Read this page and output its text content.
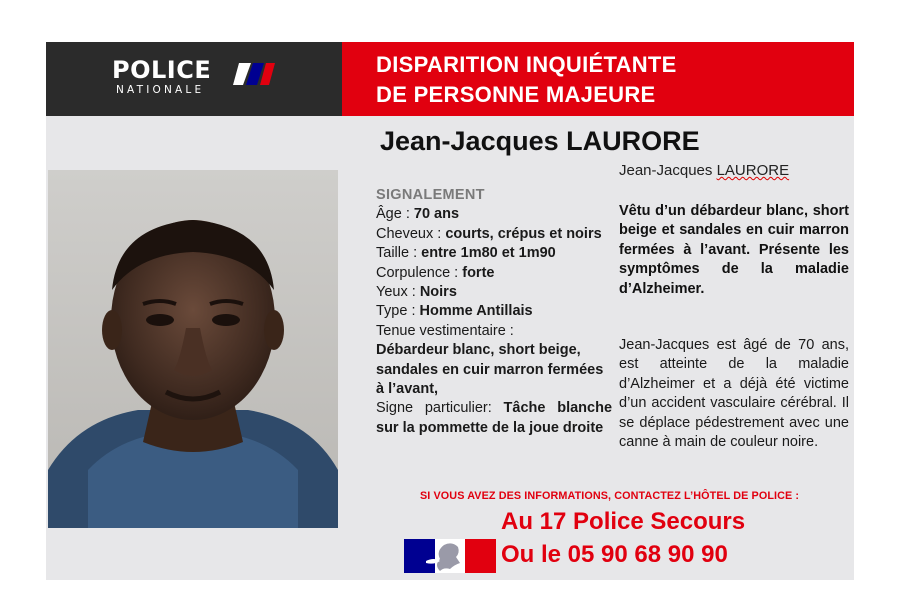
POLICE
NATIONALE
DISPARITION INQUIÉTANTE
DE PERSONNE MAJEURE
Jean-Jacques LAURORE
Jean-Jacques LAURORE
SIGNALEMENT
Âge : 70 ans
Cheveux : courts, crépus et noirs
Taille : entre 1m80 et 1m90
Corpulence : forte
Yeux : Noirs
Type : Homme Antillais
Tenue vestimentaire :
Débardeur blanc, short beige, sandales en cuir marron fermées à l’avant,
Signe particulier: Tâche blanche sur la pommette de la joue droite
Vêtu d’un débardeur blanc, short beige et sandales en cuir marron fermées à l’avant. Présente les symptômes de la maladie d’Alzheimer.
Jean-Jacques est âgé de 70 ans, est atteinte de la maladie d’Alzheimer et a déjà été victime d’un accident vasculaire cérébral. Il se déplace pédestrement avec une canne à main de couleur noire.
SI VOUS AVEZ DES INFORMATIONS, CONTACTEZ L’HÔTEL DE POLICE :
Au 17 Police Secours
Ou le 05 90 68 90 90
